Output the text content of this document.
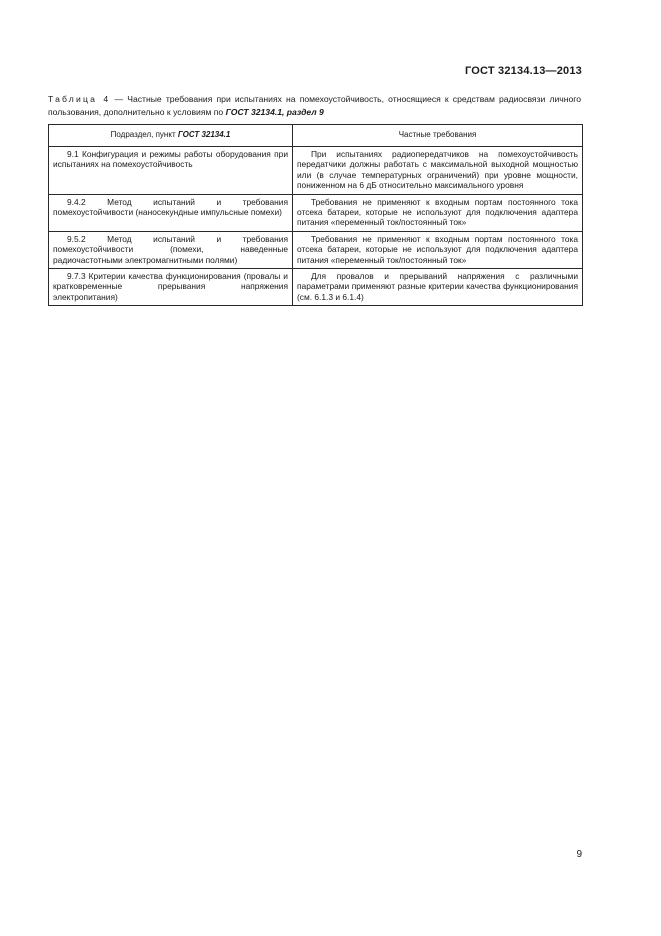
ГОСТ 32134.13—2013
Таблица 4 — Частные требования при испытаниях на помехоустойчивость, относящиеся к средствам радиосвязи личного пользования, дополнительно к условиям по ГОСТ 32134.1, раздел 9
Подраздел, пункт ГОСТ 32134.1	Частные требования
9.1 Конфигурация и режимы работы оборудования при испытаниях на помехоустойчивость	При испытаниях радиопередатчиков на помехоустойчивость передатчики должны работать с максимальной выходной мощностью или (в случае температурных ограничений) при уровне мощности, пониженном на 6 дБ относительно максимального уровня
9.4.2 Метод испытаний и требования помехоустойчивости (наносекундные импульсные помехи)	Требования не применяют к входным портам постоянного тока отсека батареи, которые не используют для подключения адаптера питания «переменный ток/постоянный ток»
9.5.2 Метод испытаний и требования помехоустойчивости (помехи, наведенные радиочастотными электромагнитными полями)	Требования не применяют к входным портам постоянного тока отсека батареи, которые не используют для подключения адаптера питания «переменный ток/постоянный ток»
9.7.3 Критерии качества функционирования (провалы и кратковременные прерывания напряжения электропитания)	Для провалов и прерываний напряжения с различными параметрами применяют разные критерии качества функционирования (см. 6.1.3 и 6.1.4)
9
